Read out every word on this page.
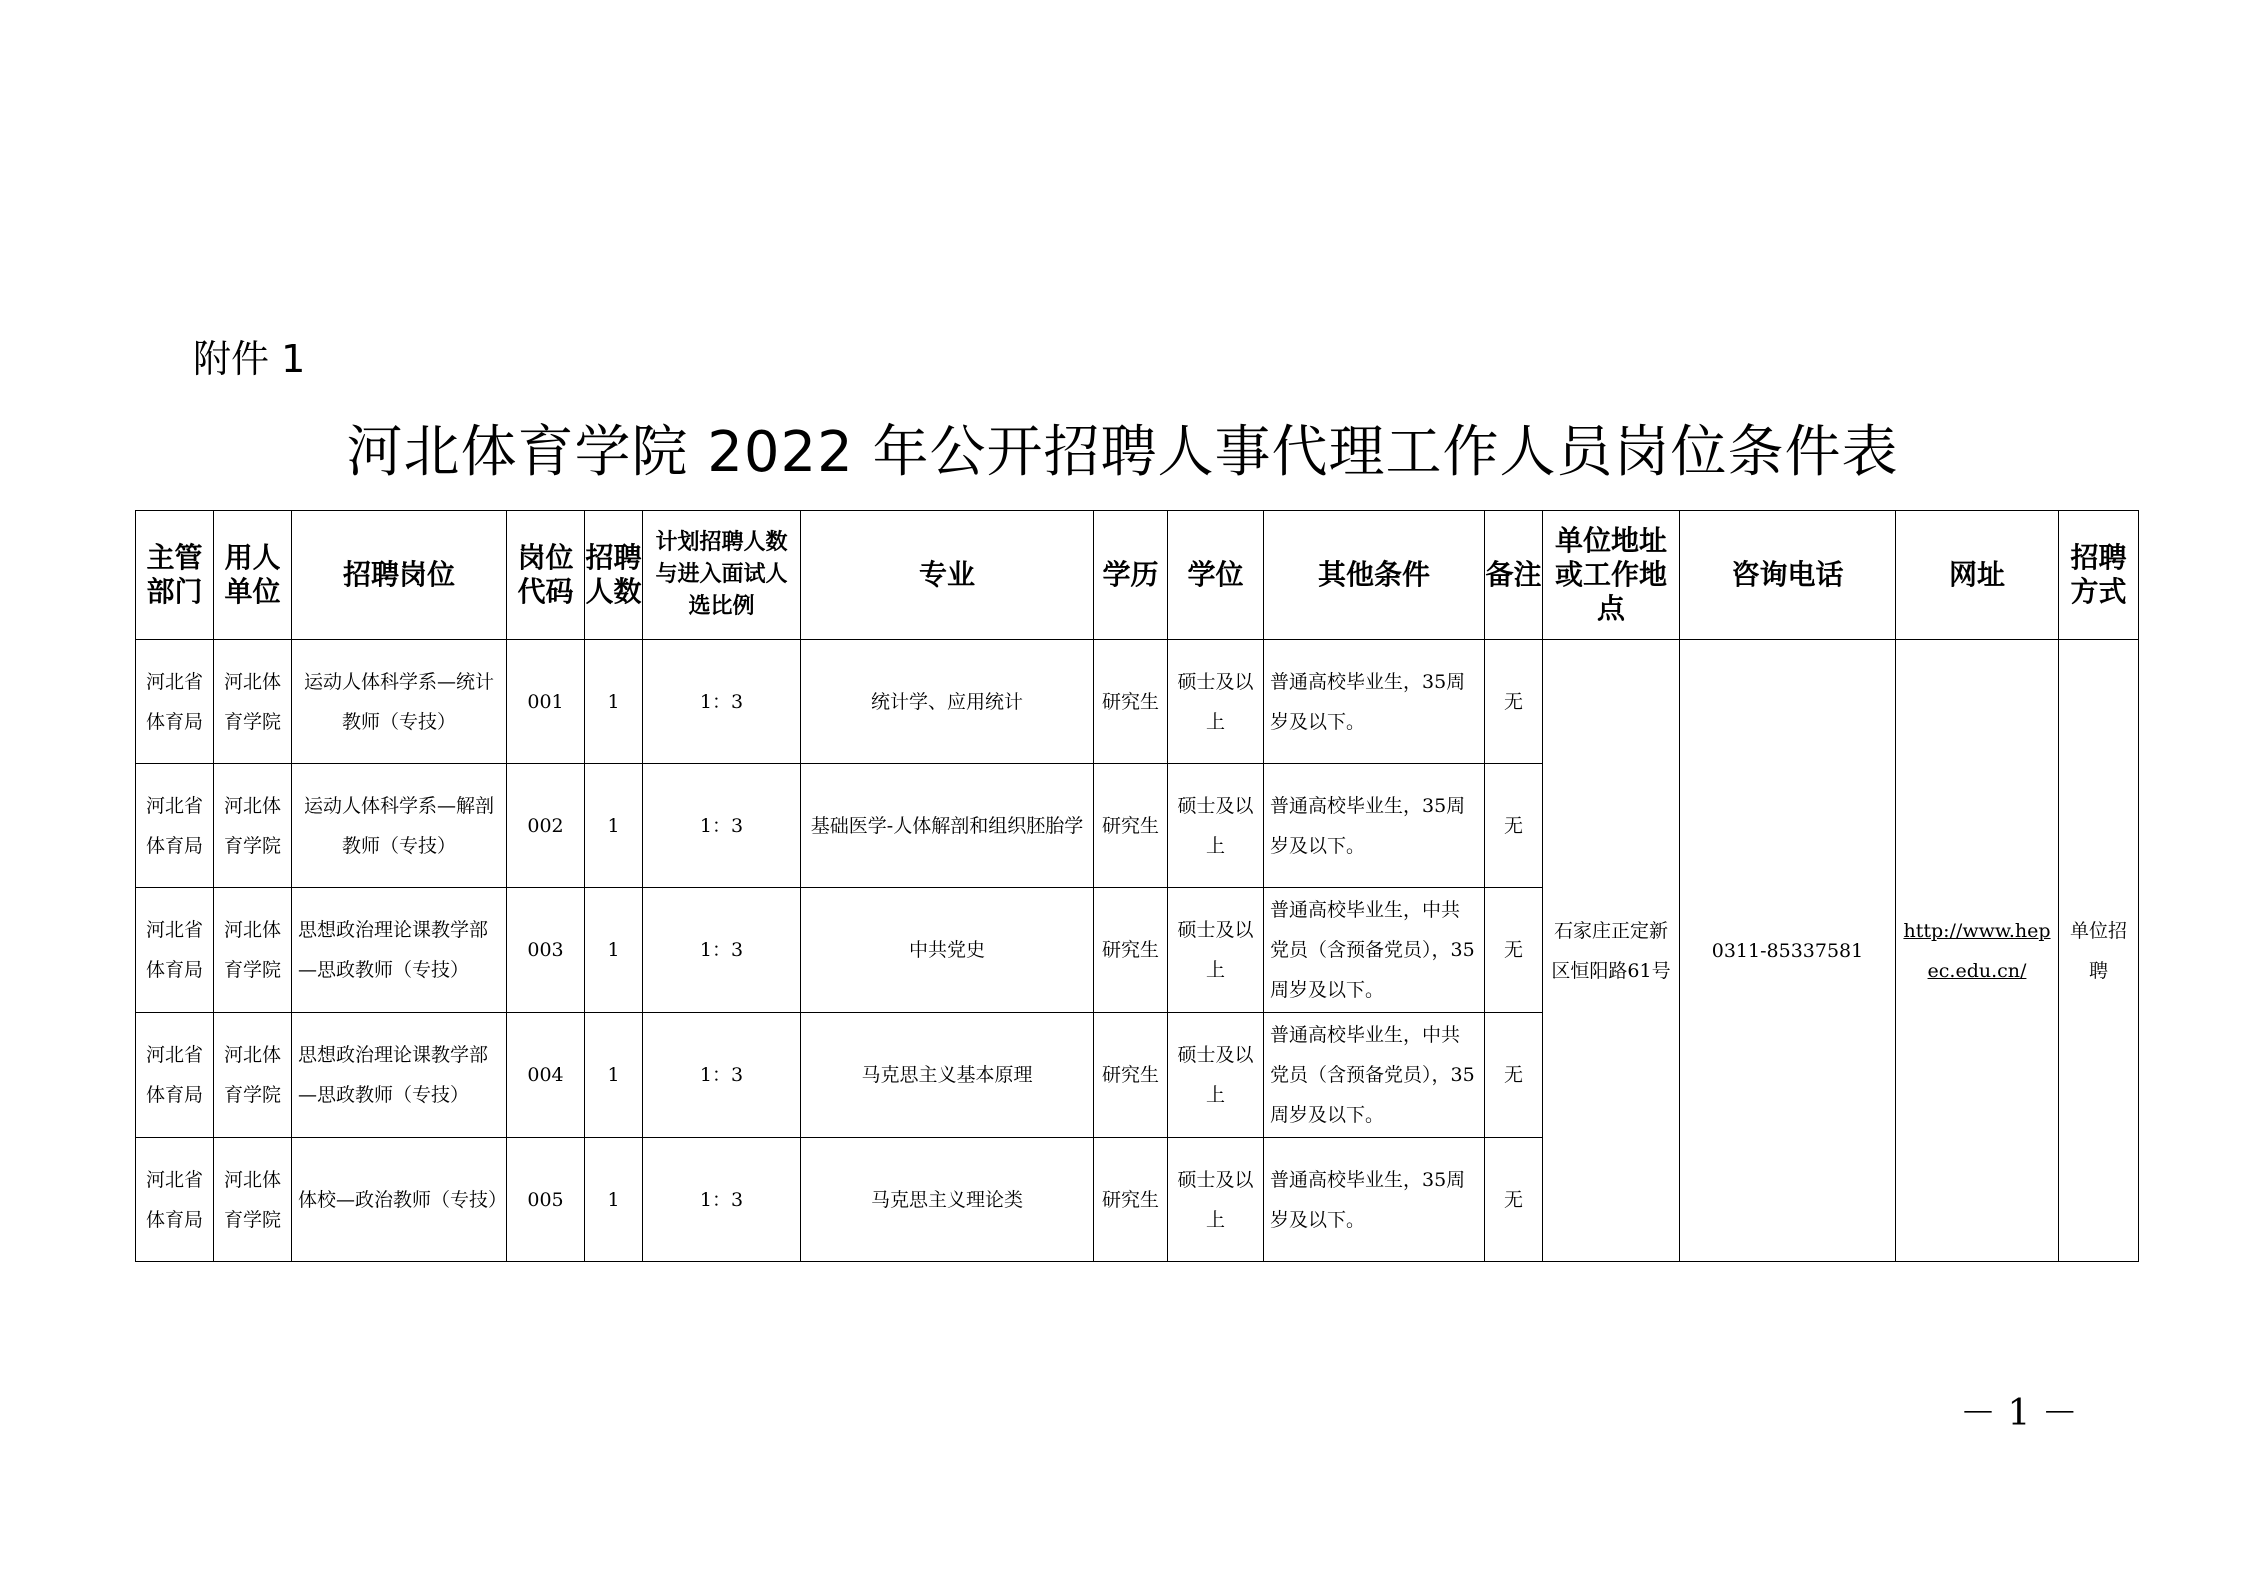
附件 1
河北体育学院 2022 年公开招聘人事代理工作人员岗位条件表
主管部门	用人单位	招聘岗位	岗位代码	招聘人数	计划招聘人数与进入面试人选比例	专业	学历	学位	其他条件	备注	单位地址或工作地点	咨询电话	网址	招聘方式
河北省体育局	河北体育学院	运动人体科学系—统计教师（专技）	001	1	1：3	统计学、应用统计	研究生	硕士及以上	普通高校毕业生，35周岁及以下。	无	石家庄正定新区恒阳路61号	0311-85337581	http://www.hepec.edu.cn/	单位招聘
河北省体育局	河北体育学院	运动人体科学系—解剖教师（专技）	002	1	1：3	基础医学-人体解剖和组织胚胎学	研究生	硕士及以上	普通高校毕业生，35周岁及以下。	无				
河北省体育局	河北体育学院	思想政治理论课教学部—思政教师（专技）	003	1	1：3	中共党史	研究生	硕士及以上	普通高校毕业生，中共党员（含预备党员），35周岁及以下。	无				
河北省体育局	河北体育学院	思想政治理论课教学部—思政教师（专技）	004	1	1：3	马克思主义基本原理	研究生	硕士及以上	普通高校毕业生，中共党员（含预备党员），35周岁及以下。	无				
河北省体育局	河北体育学院	体校—政治教师（专技）	005	1	1：3	马克思主义理论类	研究生	硕士及以上	普通高校毕业生，35周岁及以下。	无				
－ 1 －
